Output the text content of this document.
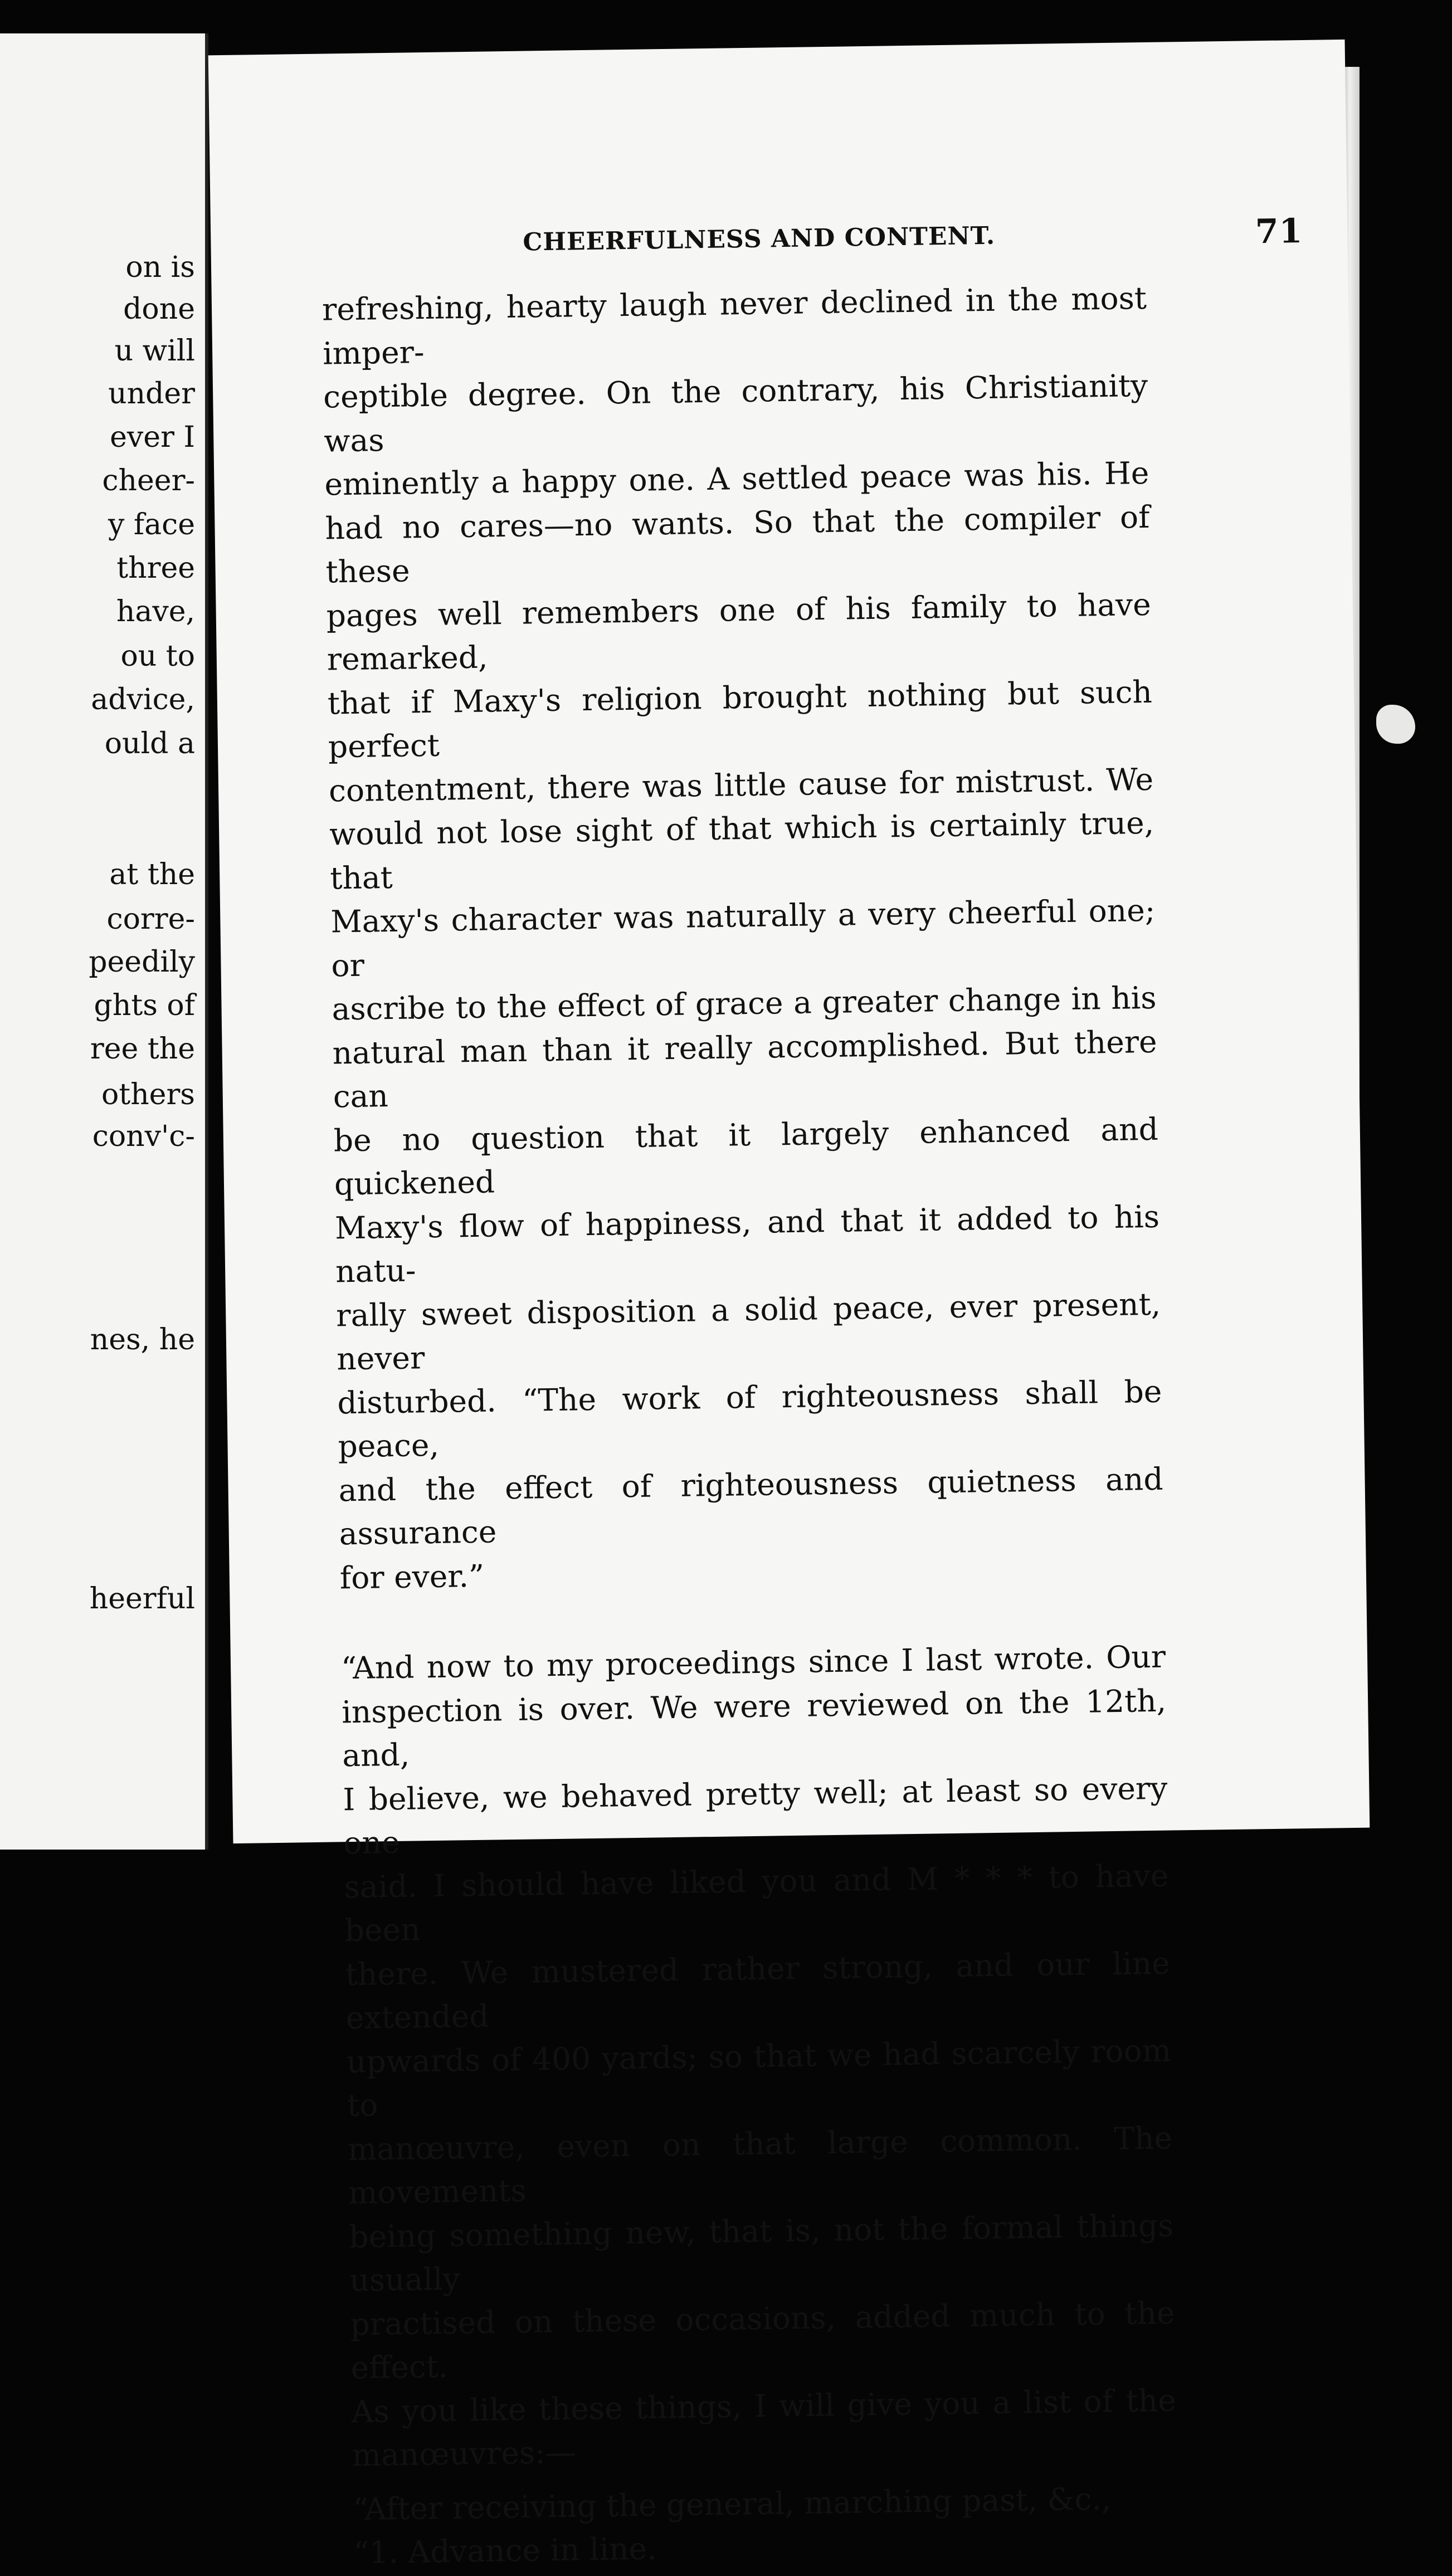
on is
done
u will
under
ever I
cheer-
y face
three
have,
ou to
advice,
ould a
at the
corre-
peedily
ghts of
ree the
others
conv'c-
nes, he
heerful
CHEERFULNESS AND CONTENT.	71

refreshing, hearty laugh never declined in the most imper-
ceptible degree. On the contrary, his Christianity was
eminently a happy one. A settled peace was his. He
had no cares—no wants. So that the compiler of these
pages well remembers one of his family to have remarked,
that if Maxy's religion brought nothing but such perfect
contentment, there was little cause for mistrust. We
would not lose sight of that which is certainly true, that
Maxy's character was naturally a very cheerful one; or
ascribe to the effect of grace a greater change in his
natural man than it really accomplished. But there can
be no question that it largely enhanced and quickened
Maxy's flow of happiness, and that it added to his natu-
rally sweet disposition a solid peace, ever present, never
disturbed. “The work of righteousness shall be peace,
and the effect of righteousness quietness and assurance
for ever.”

“And now to my proceedings since I last wrote. Our
inspection is over. We were reviewed on the 12th, and,
I believe, we behaved pretty well; at least so every one
said. I should have liked you and M * * * to have been
there. We mustered rather strong, and our line extended
upwards of 400 yards; so that we had scarcely room to
manœuvre, even on that large common. The movements
being something new, that is, not the formal things usually
practised on these occasions, added much to the effect.
As you like these things, I will give you a list of the
manœuvres:—

“After receiving the general, marching past, &c.,

“1. Advance in line.
